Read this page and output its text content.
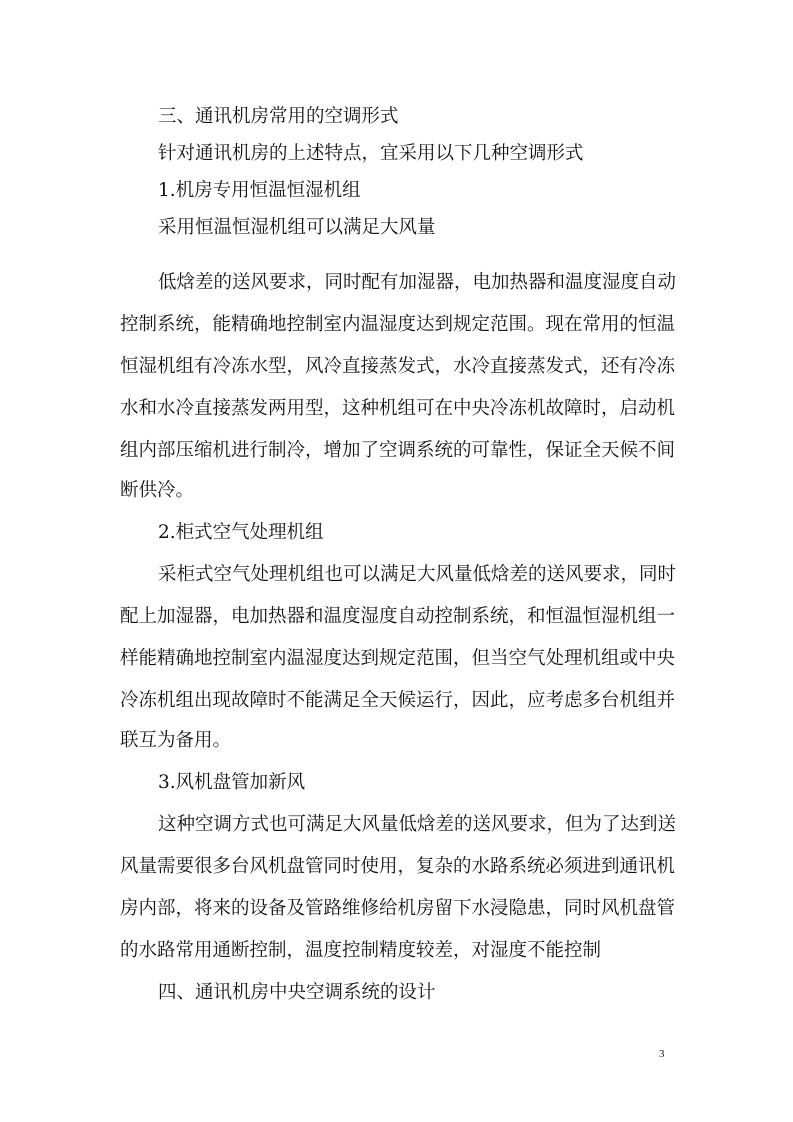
三、通讯机房常用的空调形式
针对通讯机房的上述特点，宜采用以下几种空调形式
1.机房专用恒温恒湿机组
采用恒温恒湿机组可以满足大风量
低焓差的送风要求，同时配有加湿器，电加热器和温度湿度自动
控制系统，能精确地控制室内温湿度达到规定范围。现在常用的恒温
恒湿机组有冷冻水型，风冷直接蒸发式，水冷直接蒸发式，还有冷冻
水和水冷直接蒸发两用型，这种机组可在中央冷冻机故障时，启动机
组内部压缩机进行制冷，增加了空调系统的可靠性，保证全天候不间
断供冷。
2.柜式空气处理机组
采柜式空气处理机组也可以满足大风量低焓差的送风要求，同时
配上加湿器，电加热器和温度湿度自动控制系统，和恒温恒湿机组一
样能精确地控制室内温湿度达到规定范围，但当空气处理机组或中央
冷冻机组出现故障时不能满足全天候运行，因此，应考虑多台机组并
联互为备用。
3.风机盘管加新风
这种空调方式也可满足大风量低焓差的送风要求，但为了达到送
风量需要很多台风机盘管同时使用，复杂的水路系统必须进到通讯机
房内部，将来的设备及管路维修给机房留下水浸隐患，同时风机盘管
的水路常用通断控制，温度控制精度较差，对湿度不能控制
四、通讯机房中央空调系统的设计
3
